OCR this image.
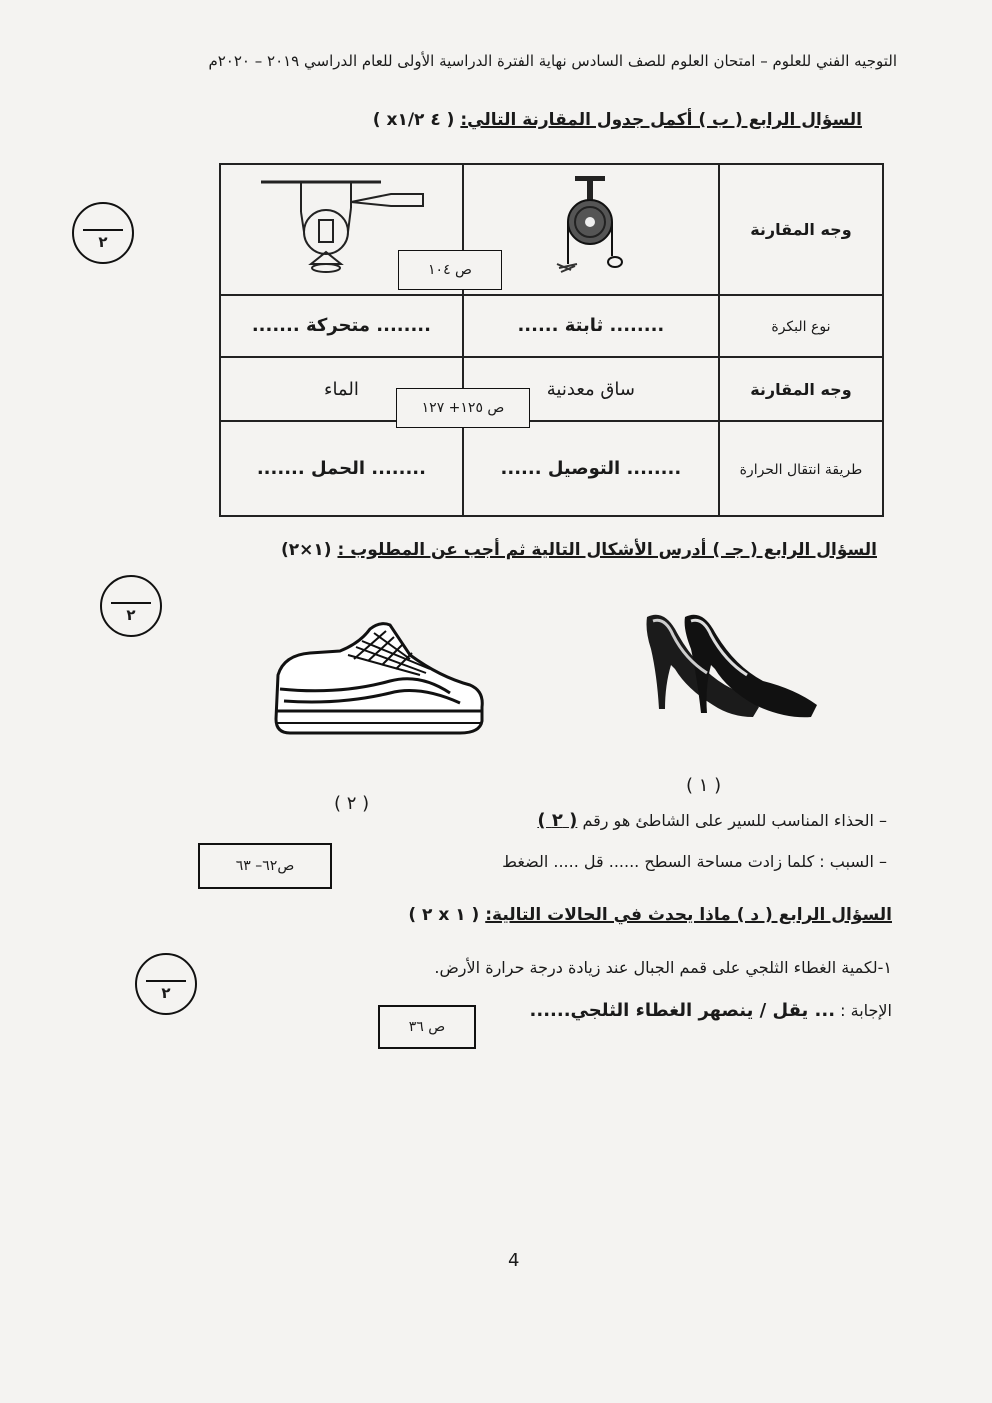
التوجيه الفني للعلوم – امتحان العلوم للصف السادس نهاية الفترة الدراسية الأولى للعام الدراسي ٢٠١٩ – ٢٠٢٠م
السؤال الرابع ( ب ) أكمل جدول المقارنة التالي: ( ٤ x١/٢ )
٢
وجه المقارنة		
نوع البكرة	........ ثابتة ......	........ متحركة .......
وجه المقارنة	ساق معدنية	الماء
طريقة انتقال الحرارة	........ التوصيل ......	........ الحمل .......
ص ١٠٤
ص ١٢٥+ ١٢٧
السؤال الرابع ( جـ ) أدرس الأشكال التالية ثم أجب عن المطلوب : (١×٢)
٢
( ١ )
( ٢ )
– الحذاء المناسب للسير على الشاطئ هو رقم ( ٢ )
– السبب : كلما زادت مساحة السطح ...... قل ..... الضغط
ص٦٢– ٦٣
السؤال الرابع ( د ) ماذا يحدث في الحالات التالية: ( ١ x ٢ )
٢
١-لكمية الغطاء الثلجي على قمم الجبال عند زيادة درجة حرارة الأرض.
الإجابة : ... يقل / ينصهر الغطاء الثلجي......
ص ٣٦
4
